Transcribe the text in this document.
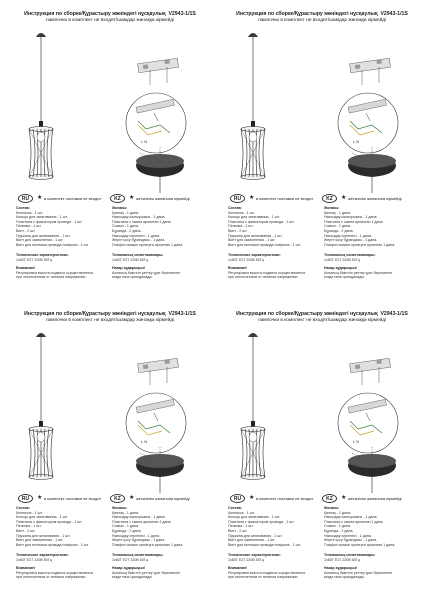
Инструкция по сборке/Құрастыру жөніндегі нұсқаулық V2943-1/1S
лампочки в комплект не входят/шамдар жинаққа кірмейді
L N
RU	★ в комплект поставки не входит	KZ	★ жеткізілім жинағына кірмейді
Состав:
Колпачок - 1 шт.
Кольцо для затягивания - 1 шт.
Пластина с фиксатором провода - 1 шт.
Пелинка - 1 шт.
Винт - 2 шт.
Пружина для затягивания - 1 шт.
Винт для заземления - 1 шт.
Винт для монтажа провода плафона - 1 шт.
Жинағы:
Қалпақ - 1 дана.
Нығыздау шығыршығы - 1 дана.
Пластина с сымға арналған 1 дана.
Сомын - 1 дана.
Бұранда - 2 дана.
Нығыздау серіппесі - 1 дана.
Жерге қосу бұрандасы - 1 дана.
Плафон сымын орнатуға арналған 1 дана.
Технические характеристики:
1x60Т Е27 220В 50Гц
Техникалық сипаттамалары:
1x60Т Е27 220В 50Гц
Внимание!
Регулировка высоты подвеса осуществляется
при отключенном от питания напряжении.
Назар аударыңыз!
Аспаның биіктігін реттеу қуат берілмеген
кезде ғана орындалады.
Инструкция по сборке/Құрастыру жөніндегі нұсқаулық V2943-1/1S
лампочки в комплект не входят/шамдар жинаққа кірмейді
L N
RU	★ в комплект поставки не входит	KZ	★ жеткізілім жинағына кірмейді
Состав:
Колпачок - 1 шт.
Кольцо для затягивания - 1 шт.
Пластина с фиксатором провода - 1 шт.
Пелинка - 1 шт.
Винт - 2 шт.
Пружина для затягивания - 1 шт.
Винт для заземления - 1 шт.
Винт для монтажа провода плафона - 1 шт.
Жинағы:
Қалпақ - 1 дана.
Нығыздау шығыршығы - 1 дана.
Пластина с сымға арналған 1 дана.
Сомын - 1 дана.
Бұранда - 2 дана.
Нығыздау серіппесі - 1 дана.
Жерге қосу бұрандасы - 1 дана.
Плафон сымын орнатуға арналған 1 дана.
Технические характеристики:
1x60Т Е27 220В 50Гц
Техникалық сипаттамалары:
1x60Т Е27 220В 50Гц
Внимание!
Регулировка высоты подвеса осуществляется
при отключенном от питания напряжении.
Назар аударыңыз!
Аспаның биіктігін реттеу қуат берілмеген
кезде ғана орындалады.
Инструкция по сборке/Құрастыру жөніндегі нұсқаулық V2943-1/1S
лампочки в комплект не входят/шамдар жинаққа кірмейді
L N
RU	★ в комплект поставки не входит	KZ	★ жеткізілім жинағына кірмейді
Состав:
Колпачок - 1 шт.
Кольцо для затягивания - 1 шт.
Пластина с фиксатором провода - 1 шт.
Пелинка - 1 шт.
Винт - 2 шт.
Пружина для затягивания - 1 шт.
Винт для заземления - 1 шт.
Винт для монтажа провода плафона - 1 шт.
Жинағы:
Қалпақ - 1 дана.
Нығыздау шығыршығы - 1 дана.
Пластина с сымға арналған 1 дана.
Сомын - 1 дана.
Бұранда - 2 дана.
Нығыздау серіппесі - 1 дана.
Жерге қосу бұрандасы - 1 дана.
Плафон сымын орнатуға арналған 1 дана.
Технические характеристики:
1x60Т Е27 220В 50Гц
Техникалық сипаттамалары:
1x60Т Е27 220В 50Гц
Внимание!
Регулировка высоты подвеса осуществляется
при отключенном от питания напряжении.
Назар аударыңыз!
Аспаның биіктігін реттеу қуат берілмеген
кезде ғана орындалады.
Инструкция по сборке/Құрастыру жөніндегі нұсқаулық V2943-1/1S
лампочки в комплект не входят/шамдар жинаққа кірмейді
L N
RU	★ в комплект поставки не входит	KZ	★ жеткізілім жинағына кірмейді
Состав:
Колпачок - 1 шт.
Кольцо для затягивания - 1 шт.
Пластина с фиксатором провода - 1 шт.
Пелинка - 1 шт.
Винт - 2 шт.
Пружина для затягивания - 1 шт.
Винт для заземления - 1 шт.
Винт для монтажа провода плафона - 1 шт.
Жинағы:
Қалпақ - 1 дана.
Нығыздау шығыршығы - 1 дана.
Пластина с сымға арналған 1 дана.
Сомын - 1 дана.
Бұранда - 2 дана.
Нығыздау серіппесі - 1 дана.
Жерге қосу бұрандасы - 1 дана.
Плафон сымын орнатуға арналған 1 дана.
Технические характеристики:
1x60Т Е27 220В 50Гц
Техникалық сипаттамалары:
1x60Т Е27 220В 50Гц
Внимание!
Регулировка высоты подвеса осуществляется
при отключенном от питания напряжении.
Назар аударыңыз!
Аспаның биіктігін реттеу қуат берілмеген
кезде ғана орындалады.
